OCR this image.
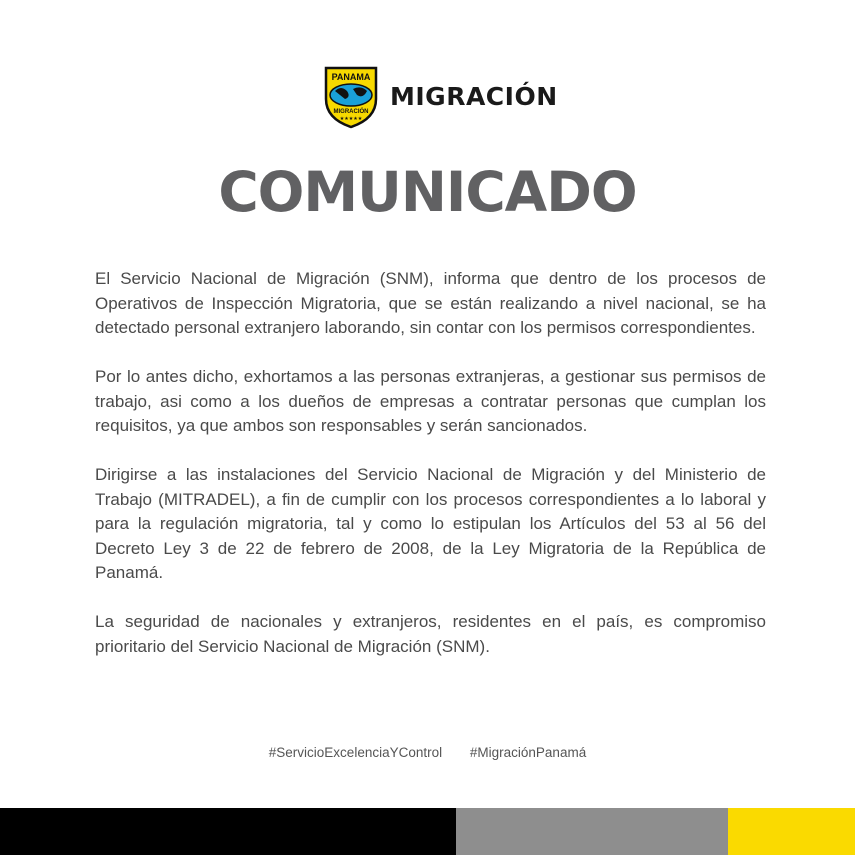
PANAMA
MIGRACIÓN
★★★★★
MIGRACIÓN
COMUNICADO

El Servicio Nacional de Migración (SNM), informa que dentro de los procesos de Operativos de Inspección Migratoria, que se están realizando a nivel nacional, se ha detectado personal extranjero laborando, sin contar con los permisos correspondientes.

Por lo antes dicho, exhortamos a las personas extranjeras, a gestionar sus permisos de trabajo, asi como a los dueños de empresas a contratar personas que cumplan los requisitos, ya que ambos son responsables y serán sancionados.

Dirigirse a las instalaciones del Servicio Nacional de Migración y del Ministerio de Trabajo (MITRADEL), a fin de cumplir con los procesos correspondientes a lo laboral y para la regulación migratoria, tal y como lo estipulan los Artículos del 53 al 56 del Decreto Ley 3 de 22 de febrero de 2008, de la Ley Migratoria de la República de Panamá.

La seguridad de nacionales y extranjeros, residentes en el país, es compromiso prioritario del Servicio Nacional de Migración (SNM).

#ServicioExcelenciaYControl #MigraciónPanamá
